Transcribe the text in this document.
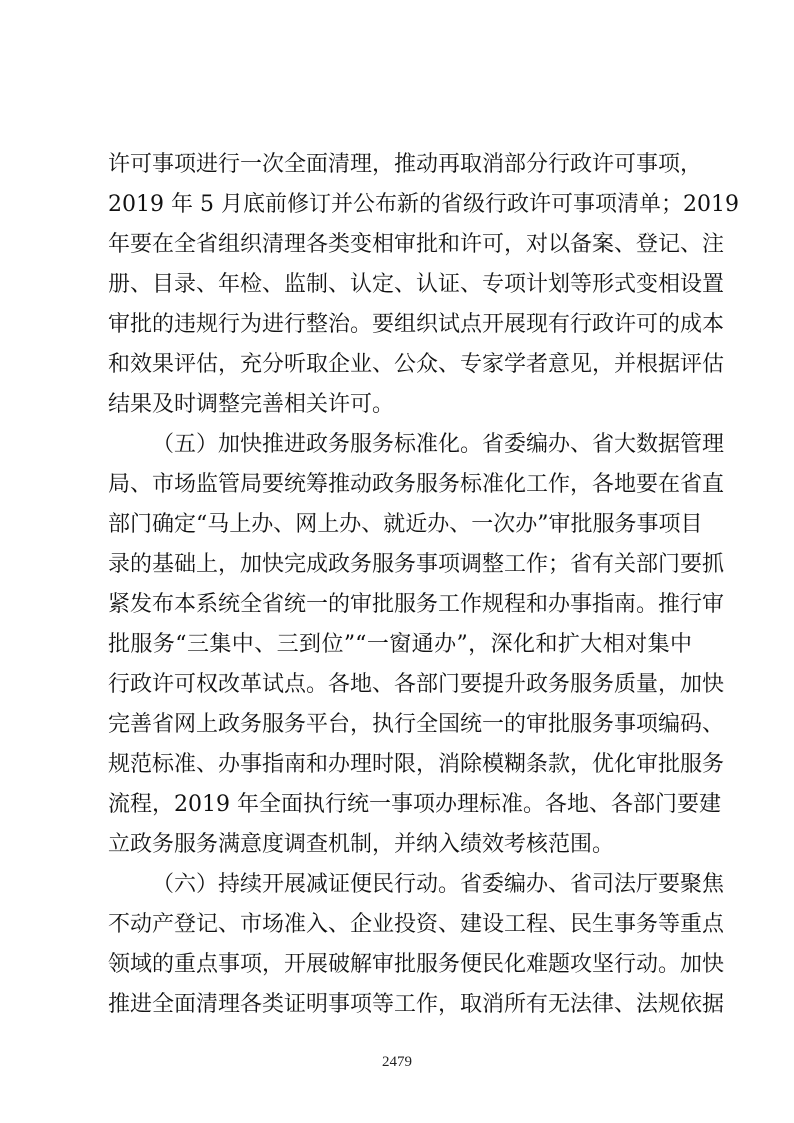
许可事项进行一次全面清理，推动再取消部分行政许可事项，
2019 年 5 月底前修订并公布新的省级行政许可事项清单；2019
年要在全省组织清理各类变相审批和许可，对以备案、登记、注
册、目录、年检、监制、认定、认证、专项计划等形式变相设置
审批的违规行为进行整治。要组织试点开展现有行政许可的成本
和效果评估，充分听取企业、公众、专家学者意见，并根据评估
结果及时调整完善相关许可。
（五）加快推进政务服务标准化。省委编办、省大数据管理
局、市场监管局要统筹推动政务服务标准化工作，各地要在省直
部门确定“马上办、网上办、就近办、一次办”审批服务事项目
录的基础上，加快完成政务服务事项调整工作；省有关部门要抓
紧发布本系统全省统一的审批服务工作规程和办事指南。推行审
批服务“三集中、三到位”“一窗通办”，深化和扩大相对集中
行政许可权改革试点。各地、各部门要提升政务服务质量，加快
完善省网上政务服务平台，执行全国统一的审批服务事项编码、
规范标准、办事指南和办理时限，消除模糊条款，优化审批服务
流程，2019 年全面执行统一事项办理标准。各地、各部门要建
立政务服务满意度调查机制，并纳入绩效考核范围。
（六）持续开展减证便民行动。省委编办、省司法厅要聚焦
不动产登记、市场准入、企业投资、建设工程、民生事务等重点
领域的重点事项，开展破解审批服务便民化难题攻坚行动。加快
推进全面清理各类证明事项等工作，取消所有无法律、法规依据
2479
